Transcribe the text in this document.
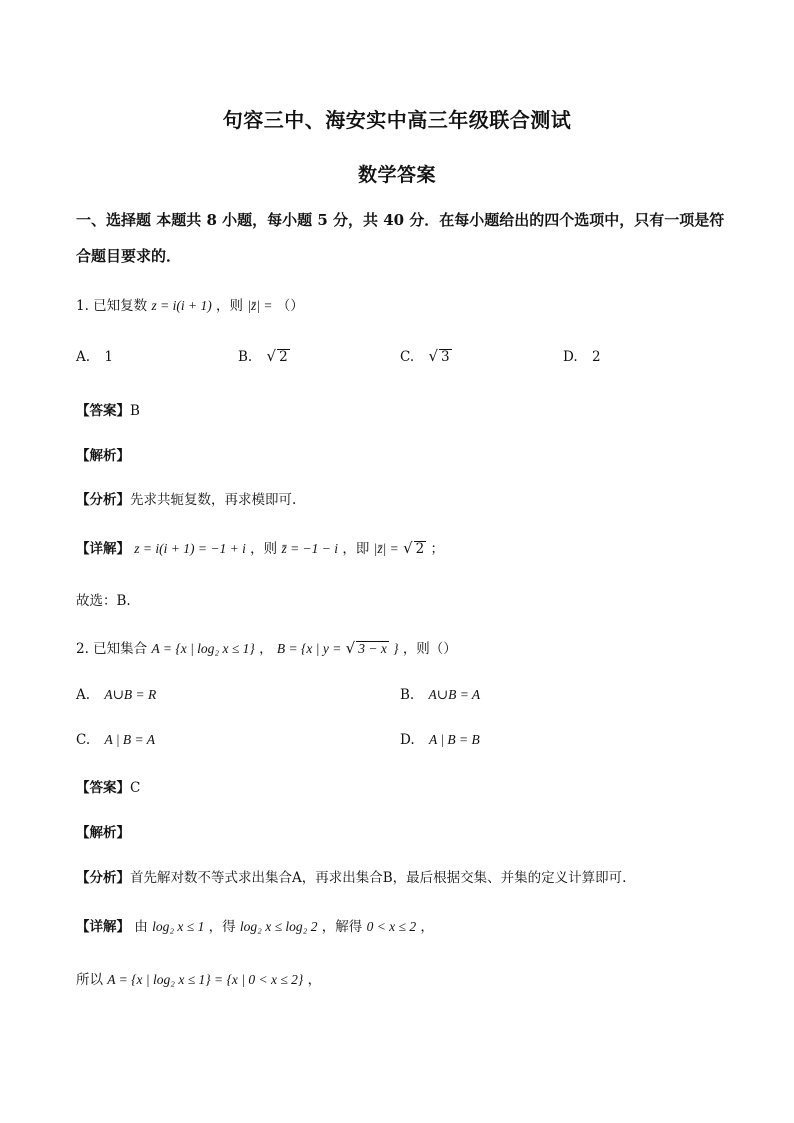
句容三中、海安实中高三年级联合测试
数学答案
一、选择题 本题共 8 小题，每小题 5 分，共 40 分．在每小题给出的四个选项中，只有一项是符合题目要求的．
1. 已知复数 z = i(i + 1) ，则 |z̄| = （）
A. 1	B. √ 2	C. √ 3	D. 2
【答案】B
【解析】
【分析】先求共轭复数，再求模即可.
【详解】 z = i(i + 1) = −1 + i ，则 z̄ = −1 − i ，即 |z̄| = √ 2 ；
故选：B.
2. 已知集合 A = {x | log₂ x ≤ 1} ， B = {x | y = √ 3 − x } ，则（）
A. A∪B = R	B. A∪B = A
C. A | B = A	D. A | B = B
【答案】C
【解析】
【分析】首先解对数不等式求出集合A，再求出集合B，最后根据交集、并集的定义计算即可.
【详解】 由 log₂ x ≤ 1 ，得 log₂ x ≤ log₂ 2 ，解得 0 < x ≤ 2 ，
所以 A = {x | log₂ x ≤ 1} = {x | 0 < x ≤ 2} ，
